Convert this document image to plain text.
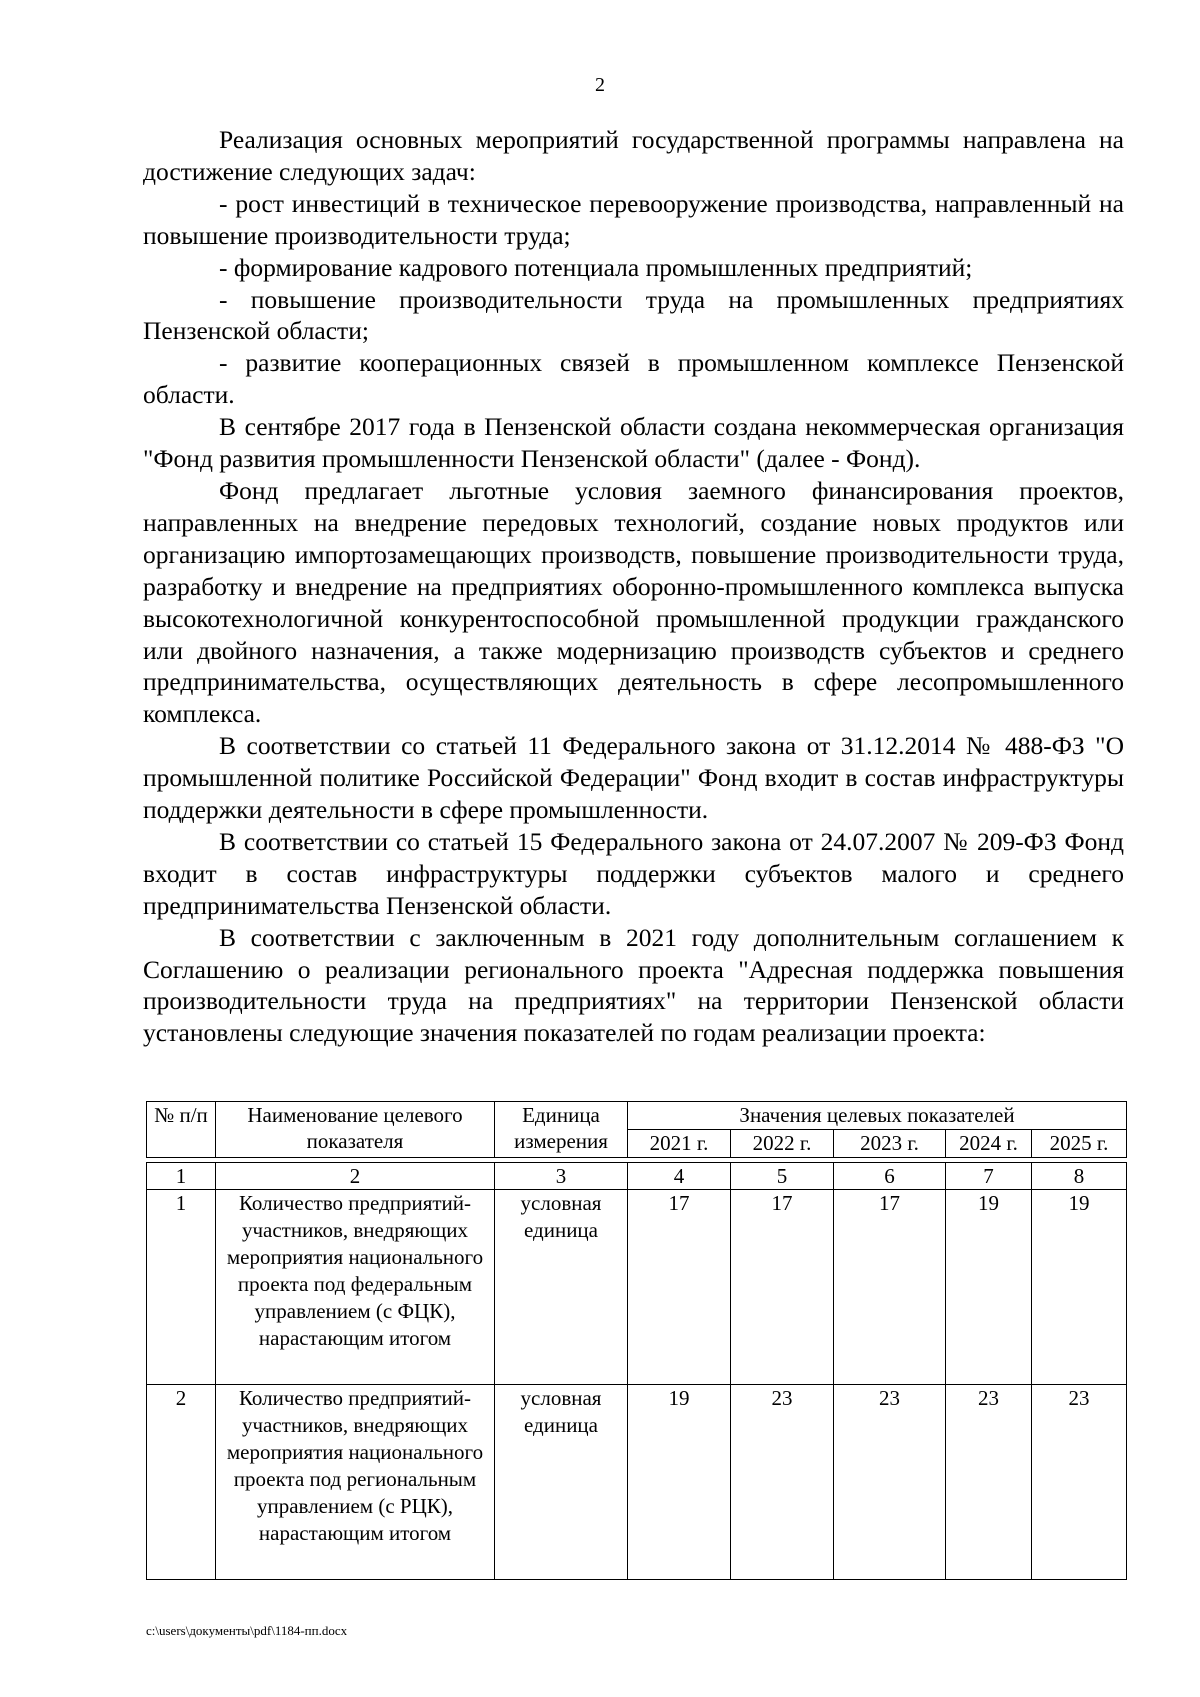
2

Реализация основных мероприятий государственной программы направлена на достижение следующих задач:

- рост инвестиций в техническое перевооружение производства, направленный на повышение производительности труда;

- формирование кадрового потенциала промышленных предприятий;

- повышение производительности труда на промышленных предприятиях Пензенской области;

- развитие кооперационных связей в промышленном комплексе Пензенской области.

В сентябре 2017 года в Пензенской области создана некоммерческая организация "Фонд развития промышленности Пензенской области" (далее - Фонд).

Фонд предлагает льготные условия заемного финансирования проектов, направленных на внедрение передовых технологий, создание новых продуктов или организацию импортозамещающих производств, повышение производительности труда, разработку и внедрение на предприятиях оборонно-промышленного комплекса выпуска высокотехнологичной конкурентоспособной промышленной продукции гражданского или двойного назначения, а также модернизацию производств субъектов и среднего предпринимательства, осуществляющих деятельность в сфере лесопромышленного комплекса.

В соответствии со статьей 11 Федерального закона от 31.12.2014 № 488-ФЗ "О промышленной политике Российской Федерации" Фонд входит в состав инфраструктуры поддержки деятельности в сфере промышленности.

В соответствии со статьей 15 Федерального закона от 24.07.2007 № 209-ФЗ Фонд входит в состав инфраструктуры поддержки субъектов малого и среднего предпринимательства Пензенской области.

В соответствии с заключенным в 2021 году дополнительным соглашением к Соглашению о реализации регионального проекта "Адресная поддержка повышения производительности труда на предприятиях" на территории Пензенской области установлены следующие значения показателей по годам реализации проекта:

№ п/п	Наименование целевого показателя	Единица измерения	Значения целевых показателей				
			2021 г.	2022 г.	2023 г.	2024 г.	2025 г.

1	2	3	4	5	6	7	8
1	Количество предприятий-участников, внедряющих мероприятия национального проекта под федеральным управлением (с ФЦК), нарастающим итогом	условная единица	17	17	17	19	19
2	Количество предприятий-участников, внедряющих мероприятия национального проекта под региональным управлением (с РЦК), нарастающим итогом	условная единица	19	23	23	23	23
c:\users\документы\pdf\1184-пп.docx
